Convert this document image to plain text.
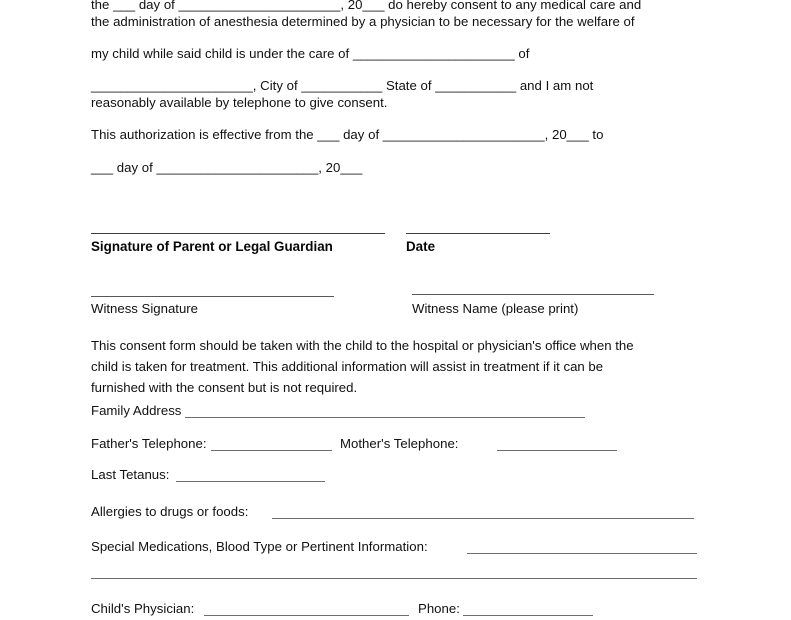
the ___ day of ______________________, 20___ do hereby consent to any medical care and
the administration of anesthesia determined by a physician to be necessary for the welfare of
my child while said child is under the care of ______________________ of
______________________, City of ___________ State of ___________ and I am not
reasonably available by telephone to give consent.
This authorization is effective from the ___ day of ______________________, 20___ to
___ day of ______________________, 20___
Signature of Parent or Legal Guardian	Date
Witness Signature	Witness Name (please print)
This consent form should be taken with the child to the hospital or physician's office when the
child is taken for treatment. This additional information will assist in treatment if it can be
furnished with the consent but is not required.
Family Address
Father's Telephone:	Mother's Telephone:
Last Tetanus:
Allergies to drugs or foods:
Special Medications, Blood Type or Pertinent Information:
Child's Physician:	Phone:
